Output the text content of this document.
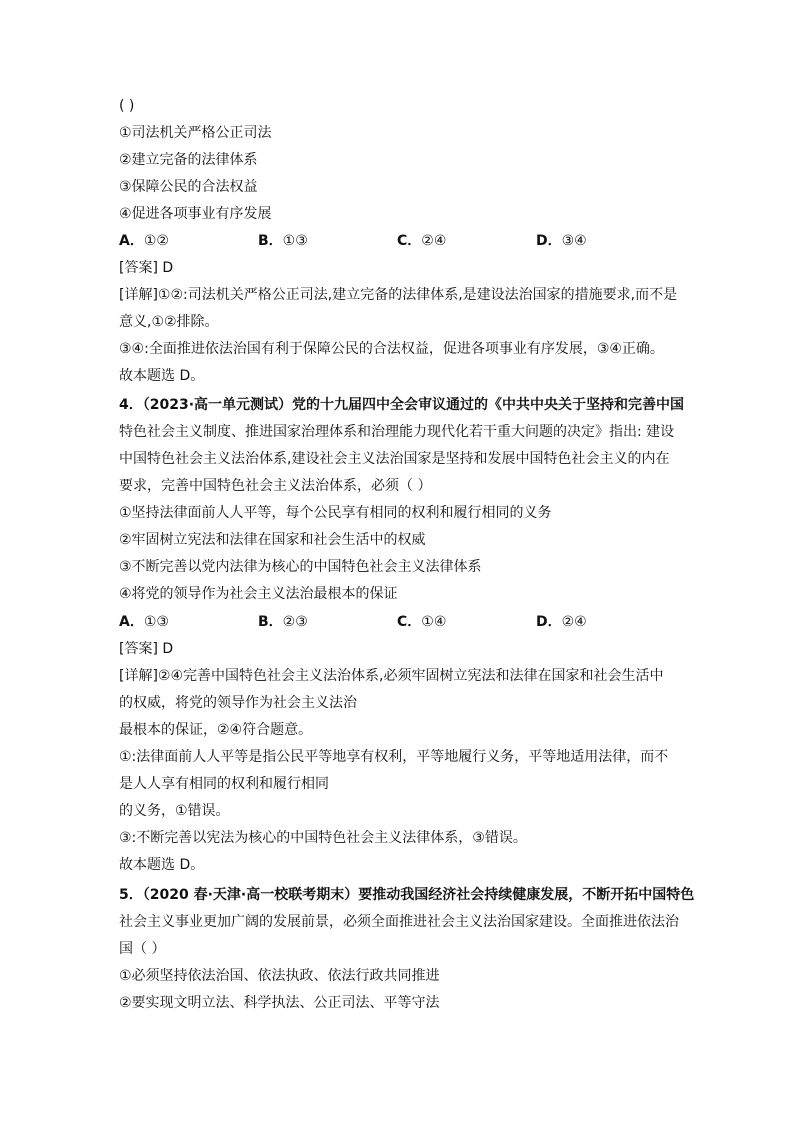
( )
①司法机关严格公正司法
②建立完备的法律体系
③保障公民的合法权益
④促进各项事业有序发展
A．①②	B．①③	C．②④	D．③④
[答案] D
[详解]①②:司法机关严格公正司法,建立完备的法律体系,是建设法治国家的措施要求,而不是
意义,①②排除。
③④:全面推进依法治国有利于保障公民的合法权益，促进各项事业有序发展，③④正确。
故本题选 D。
4．（2023·高一单元测试）党的十九届四中全会审议通过的《中共中央关于坚持和完善中国
特色社会主义制度、推进国家治理体系和治理能力现代化若干重大问题的决定》指出: 建设
中国特色社会主义法治体系,建设社会主义法治国家是坚持和发展中国特色社会主义的内在
要求，完善中国特色社会主义法治体系，必须（ ）
①坚持法律面前人人平等，每个公民享有相同的权利和履行相同的义务
②牢固树立宪法和法律在国家和社会生活中的权威
③不断完善以党内法律为核心的中国特色社会主义法律体系
④将党的领导作为社会主义法治最根本的保证
A．①③	B．②③	C．①④	D．②④
[答案] D
[详解]②④完善中国特色社会主义法治体系,必须牢固树立宪法和法律在国家和社会生活中
的权威，将党的领导作为社会主义法治
最根本的保证，②④符合题意。
①:法律面前人人平等是指公民平等地享有权利，平等地履行义务，平等地适用法律，而不
是人人享有相同的权利和履行相同
的义务，①错误。
③:不断完善以宪法为核心的中国特色社会主义法律体系，③错误。
故本题选 D。
5．（2020 春·天津·高一校联考期末）要推动我国经济社会持续健康发展，不断开拓中国特色
社会主义事业更加广阔的发展前景，必须全面推进社会主义法治国家建设。全面推进依法治
国（ ）
①必须坚持依法治国、依法执政、依法行政共同推进
②要实现文明立法、科学执法、公正司法、平等守法
